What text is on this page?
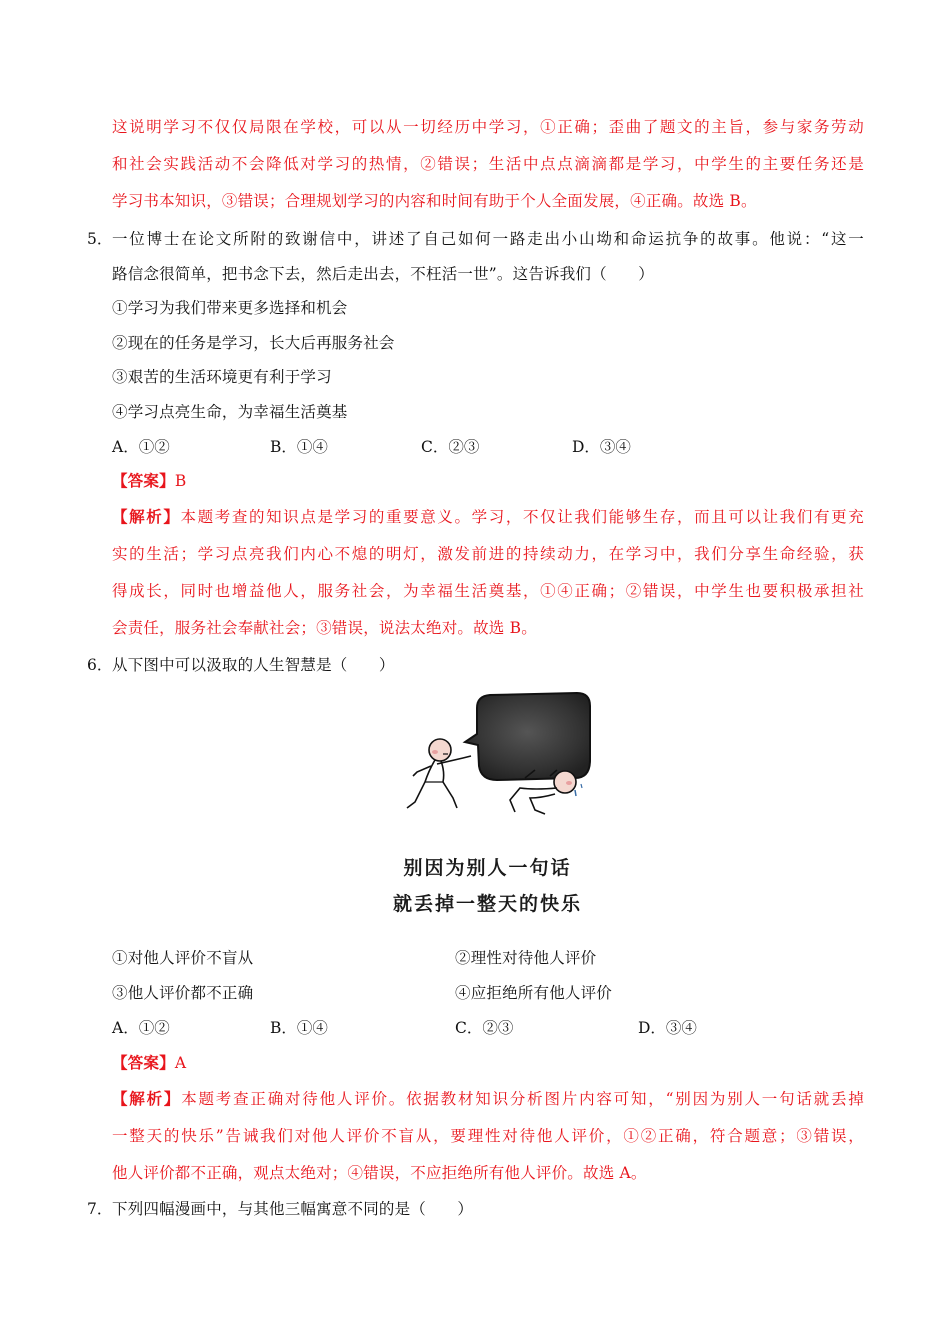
这说明学习不仅仅局限在学校，可以从一切经历中学习，①正确；歪曲了题文的主旨，参与家务劳动
和社会实践活动不会降低对学习的热情，②错误；生活中点点滴滴都是学习，中学生的主要任务还是
学习书本知识，③错误；合理规划学习的内容和时间有助于个人全面发展，④正确。故选 B。
5． 一位博士在论文所附的致谢信中，讲述了自己如何一路走出小山坳和命运抗争的故事。他说：“这一
路信念很简单，把书念下去，然后走出去，不枉活一世”。这告诉我们（　　）
①学习为我们带来更多选择和机会
②现在的任务是学习，长大后再服务社会
③艰苦的生活环境更有利于学习
④学习点亮生命，为幸福生活奠基
A．①②	B．①④	C．②③	D．③④
【答案】B
【解析】本题考查的知识点是学习的重要意义。学习，不仅让我们能够生存，而且可以让我们有更充
实的生活；学习点亮我们内心不熄的明灯，激发前进的持续动力，在学习中，我们分享生命经验，获
得成长，同时也增益他人，服务社会，为幸福生活奠基，①④正确；②错误，中学生也要积极承担社
会责任，服务社会奉献社会；③错误，说法太绝对。故选 B。
6． 从下图中可以汲取的人生智慧是（　　）
别因为别人一句话
就丢掉一整天的快乐
①对他人评价不盲从	②理性对待他人评价
③他人评价都不正确	④应拒绝所有他人评价
A．①②	B．①④	C．②③	D．③④
【答案】A
【解析】本题考查正确对待他人评价。依据教材知识分析图片内容可知，“别因为别人一句话就丢掉
一整天的快乐”告诫我们对他人评价不盲从，要理性对待他人评价，①②正确，符合题意；③错误，
他人评价都不正确，观点太绝对；④错误，不应拒绝所有他人评价。故选 A。
7． 下列四幅漫画中，与其他三幅寓意不同的是（　　）
